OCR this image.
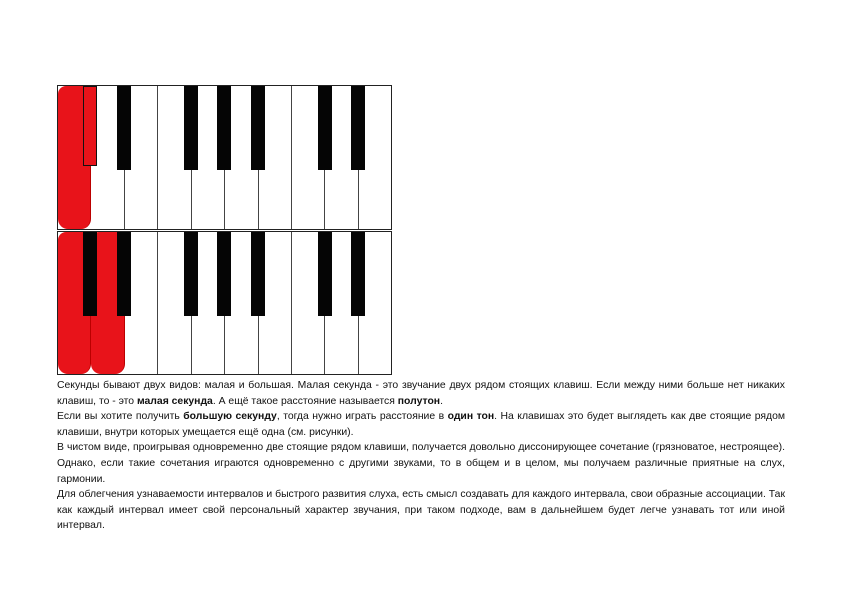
Секунды бывают двух видов: малая и большая. Малая секунда - это звучание двух рядом стоящих клавиш. Если между ними больше нет никаких клавиш, то - это малая секунда. А ещё такое расстояние называется полутон.

Если вы хотите получить большую секунду, тогда нужно играть расстояние в один тон. На клавишах это будет выглядеть как две стоящие рядом клавиши, внутри которых умещается ещё одна (см. рисунки).

В чистом виде, проигрывая одновременно две стоящие рядом клавиши, получается довольно диссонирующее сочетание (грязноватое, нестроящее). Однако, если такие сочетания играются одновременно с другими звуками, то в общем и в целом, мы получаем различные приятные на слух, гармонии.

Для облегчения узнаваемости интервалов и быстрого развития слуха, есть смысл создавать для каждого интервала, свои образные ассоциации. Так как каждый интервал имеет свой персональный характер звучания, при таком подходе, вам в дальнейшем будет легче узнавать тот или иной интервал.
